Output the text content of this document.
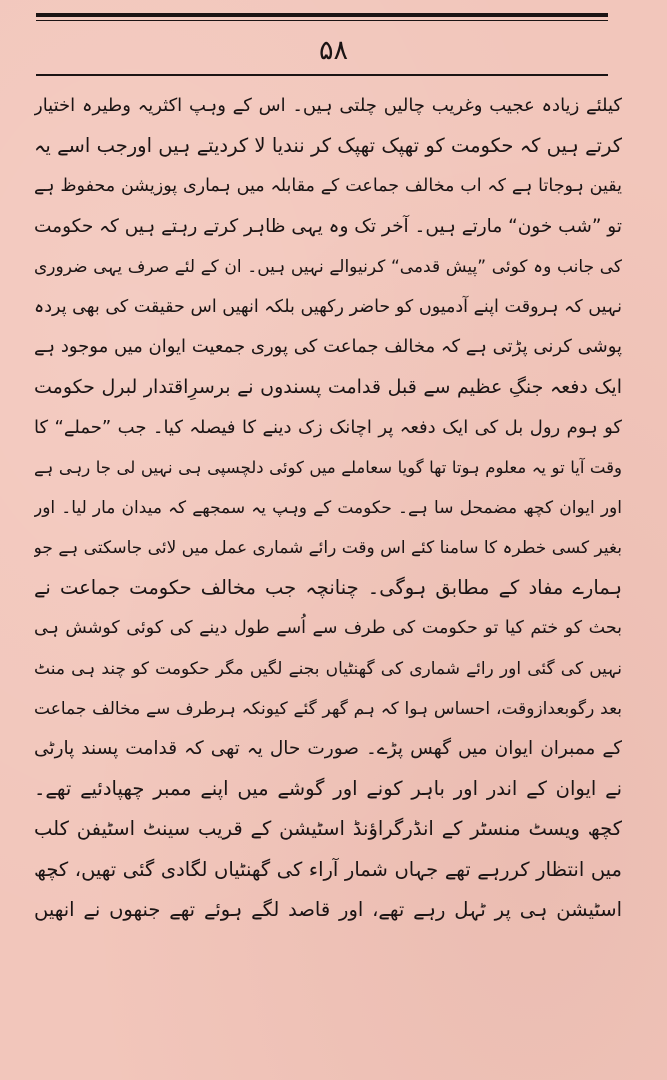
۵۸
کیلئے زیادہ عجیب وغریب چالیں چلتی ہیں۔ اس کے وہپ اکثریہ وطیرہ اختیار
کرتے ہیں کہ حکومت کو تھپک تھپک کر نندیا لا کردیتے ہیں اورجب اسے یہ
یقین ہوجاتا ہے کہ اب مخالف جماعت کے مقابلہ میں ہماری پوزیشن محفوظ ہے
تو ”شب خون“ مارتے ہیں۔ آخر تک وہ یہی ظاہر کرتے رہتے ہیں کہ حکومت
کی جانب وہ کوئی ”پیش قدمی“ کرنیوالے نہیں ہیں۔ ان کے لئے صرف یہی ضروری
نہیں کہ ہروقت اپنے آدمیوں کو حاضر رکھیں بلکہ انھیں اس حقیقت کی بھی پردہ
پوشی کرنی پڑتی ہے کہ مخالف جماعت کی پوری جمعیت ایوان میں موجود ہے
ایک دفعہ جنگِ عظیم سے قبل قدامت پسندوں نے برسرِاقتدار لبرل حکومت
کو ہوم رول بل کی ایک دفعہ پر اچانک زک دینے کا فیصلہ کیا۔ جب ”حملے“ کا
وقت آیا تو یہ معلوم ہوتا تھا گویا سعاملے میں کوئی دلچسپی ہی نہیں لی جا رہی ہے
اور ایوان کچھ مضمحل سا ہے۔ حکومت کے وہپ یہ سمجھے کہ میدان مار لیا۔ اور
بغیر کسی خطرہ کا سامنا کئے اس وقت رائے شماری عمل میں لائی جاسکتی ہے جو
ہمارے مفاد کے مطابق ہوگی۔ چنانچہ جب مخالف حکومت جماعت نے
بحث کو ختم کیا تو حکومت کی طرف سے اُسے طول دینے کی کوئی کوشش ہی
نہیں کی گئی اور رائے شماری کی گھنٹیاں بجنے لگیں مگر حکومت کو چند ہی منٹ
بعد رگوبعدازوقت، احساس ہوا کہ ہم گھر گئے کیونکہ ہرطرف سے مخالف جماعت
کے ممبران ایوان میں گھس پڑے۔ صورت حال یہ تھی کہ قدامت پسند پارٹی
نے ایوان کے اندر اور باہر کونے اور گوشے میں اپنے ممبر چھپادئیے تھے۔
کچھ ویسٹ منسٹر کے انڈرگراؤنڈ اسٹیشن کے قریب سینٹ اسٹیفن کلب
میں انتظار کررہے تھے جہاں شمار آراء کی گھنٹیاں لگادی گئی تھیں، کچھ
اسٹیشن ہی پر ٹہل رہے تھے، اور قاصد لگے ہوئے تھے جنھوں نے انھیں
